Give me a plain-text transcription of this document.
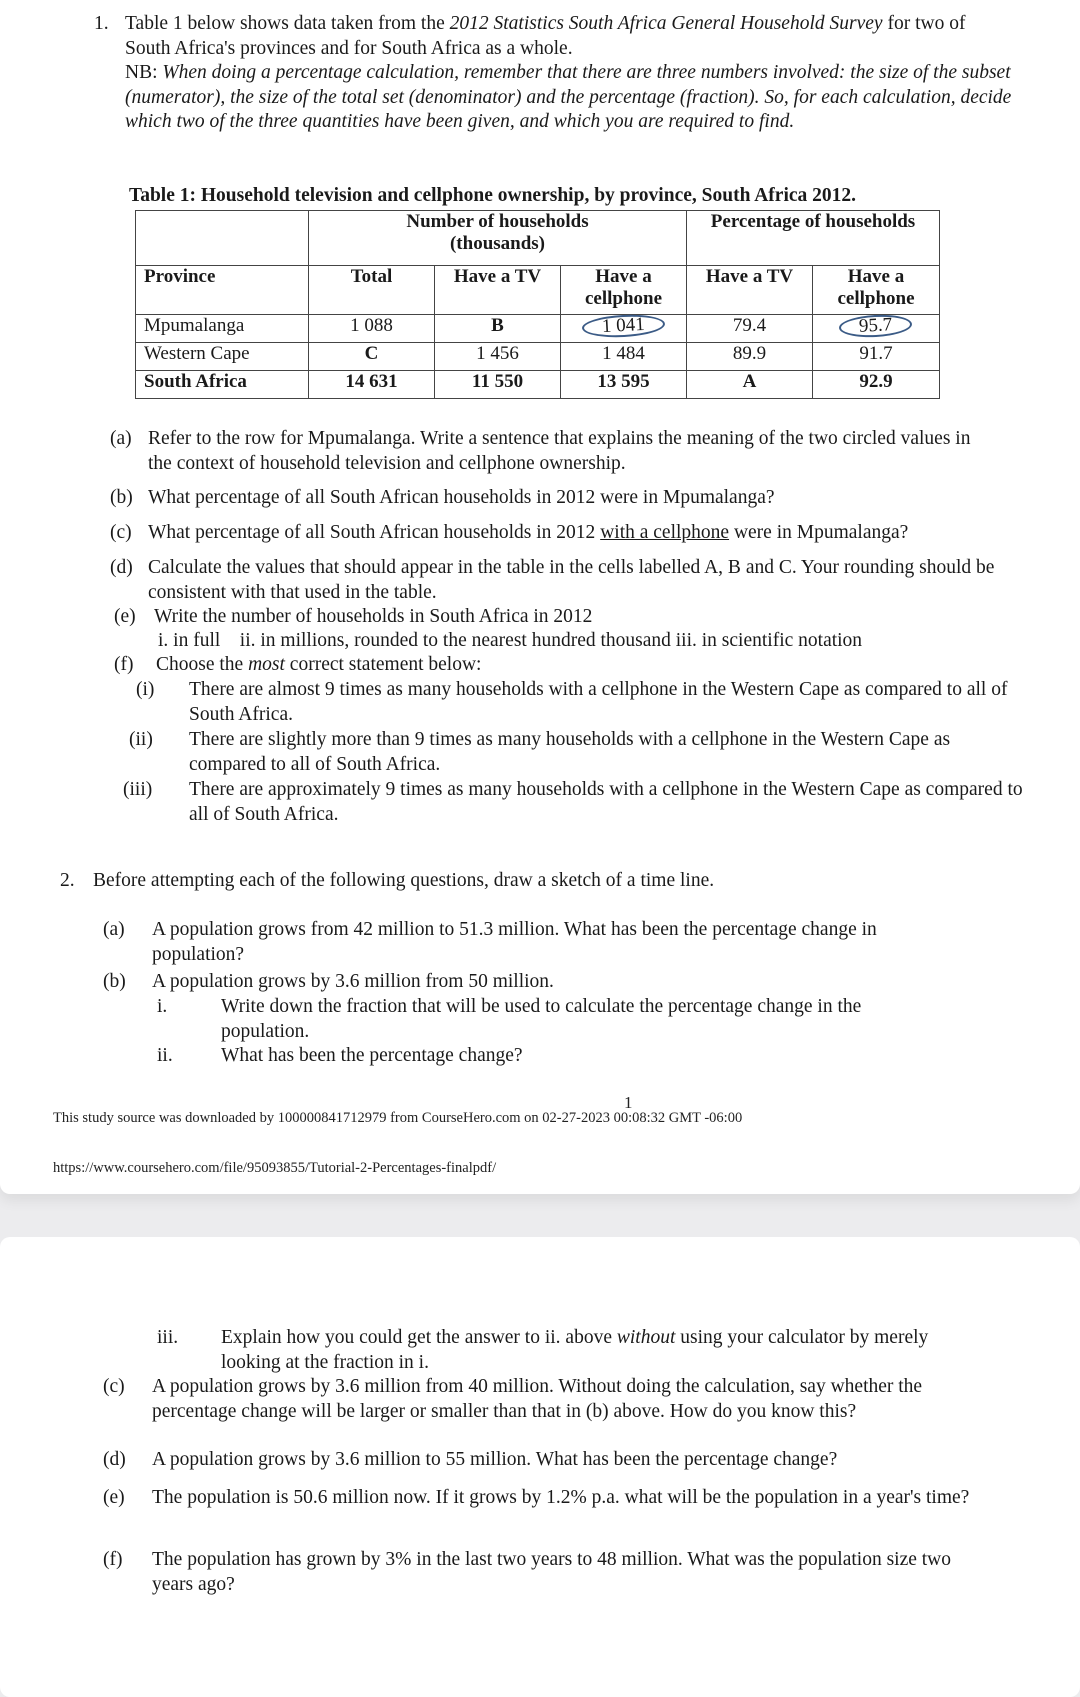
1. Table 1 below shows data taken from the 2012 Statistics South Africa General Household Survey for two of South Africa's provinces and for South Africa as a whole.
NB: When doing a percentage calculation, remember that there are three numbers involved: the size of the subset (numerator), the size of the total set (denominator) and the percentage (fraction). So, for each calculation, decide which two of the three quantities have been given, and which you are required to find.
Table 1: Household television and cellphone ownership, by province, South Africa 2012.

	Number of households
(thousands)			Percentage of households	
Province	Total	Have a TV	Have a cellphone	Have a TV	Have a cellphone
Mpumalanga	1 088	B	1 041	79.4	95.7
Western Cape	C	1 456	1 484	89.9	91.7
South Africa	14 631	11 550	13 595	A	92.9
(a) Refer to the row for Mpumalanga. Write a sentence that explains the meaning of the two circled values in the context of household television and cellphone ownership.
(b) What percentage of all South African households in 2012 were in Mpumalanga?
(c) What percentage of all South African households in 2012 with a cellphone were in Mpumalanga?
(d) Calculate the values that should appear in the table in the cells labelled A, B and C. Your rounding should be consistent with that used in the table.
(e) Write the number of households in South Africa in 2012
i. in full    ii. in millions, rounded to the nearest hundred thousand iii. in scientific notation
(f) Choose the most correct statement below:
(i) There are almost 9 times as many households with a cellphone in the Western Cape as compared to all of South Africa.
(ii) There are slightly more than 9 times as many households with a cellphone in the Western Cape as compared to all of South Africa.
(iii) There are approximately 9 times as many households with a cellphone in the Western Cape as compared to all of South Africa.
2. Before attempting each of the following questions, draw a sketch of a time line.
(a) A population grows from 42 million to 51.3 million. What has been the percentage change in population?
(b) A population grows by 3.6 million from 50 million.
i.	Write down the fraction that will be used to calculate the percentage change in the population.
ii. What has been the percentage change?
1
This study source was downloaded by 100000841712979 from CourseHero.com on 02-27-2023 00:08:32 GMT -06:00
https://www.coursehero.com/file/95093855/Tutorial-2-Percentages-finalpdf/
iii. Explain how you could get the answer to ii. above without using your calculator by merely looking at the fraction in i.
(c) A population grows by 3.6 million from 40 million. Without doing the calculation, say whether the percentage change will be larger or smaller than that in (b) above. How do you know this?
(d) A population grows by 3.6 million to 55 million. What has been the percentage change?
(e) The population is 50.6 million now. If it grows by 1.2% p.a. what will be the population in a year's time?
(f) The population has grown by 3% in the last two years to 48 million. What was the population size two years ago?
